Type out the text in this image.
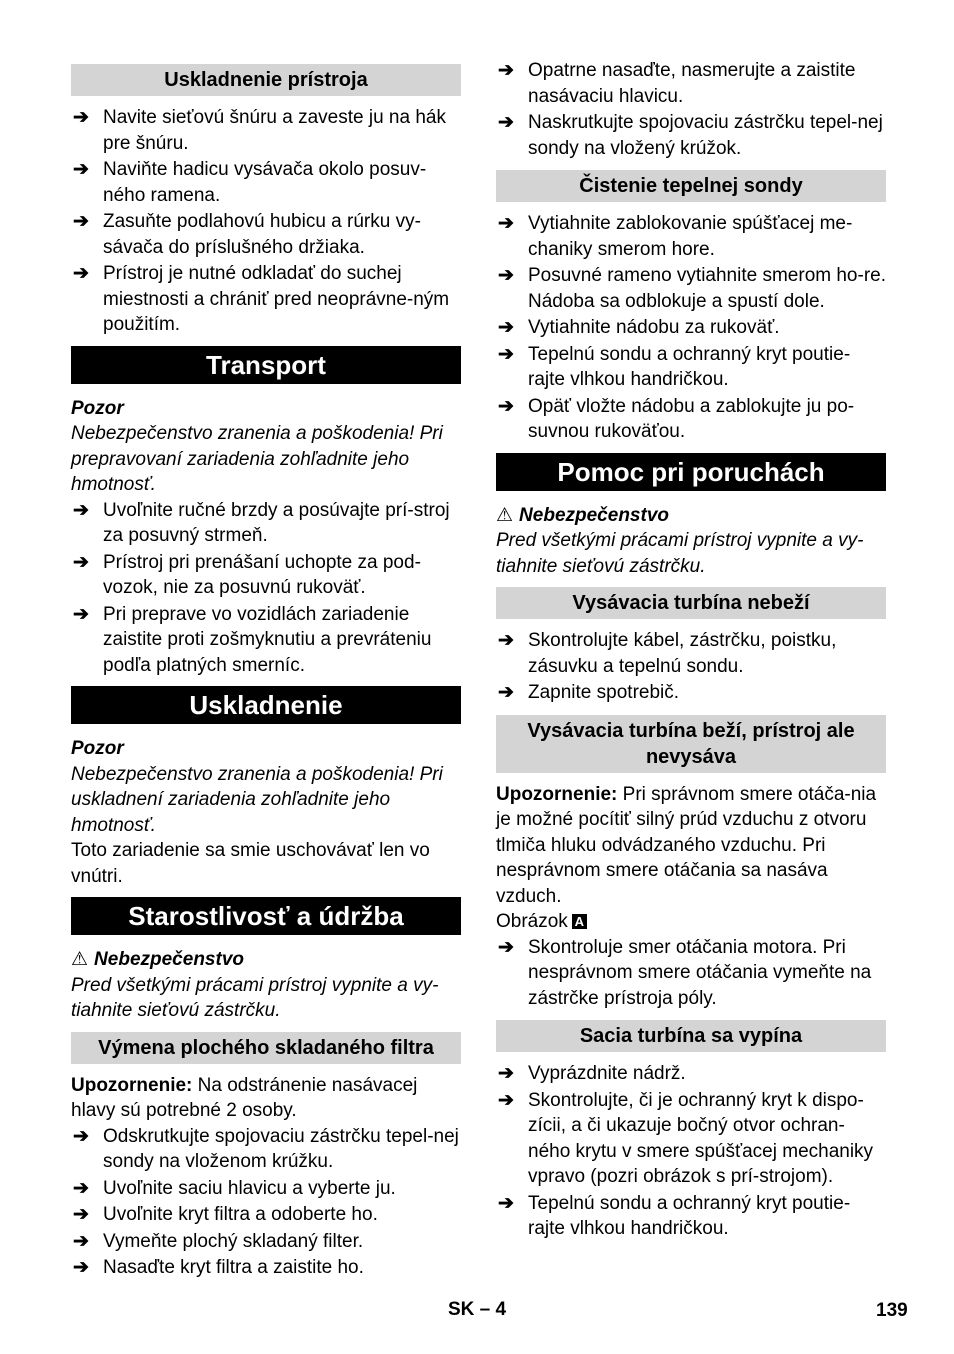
Uskladnenie prístroja
➔ Navite sieťovú šnúru a zaveste ju na hák pre šnúru.
➔ Naviňte hadicu vysávača okolo posuv-ného ramena.
➔ Zasuňte podlahovú hubicu a rúrku vy-sávača do príslušného držiaka.
➔ Prístroj je nutné odkladať do suchej miestnosti a chrániť pred neoprávne-ným použitím.
Transport
Pozor
Nebezpečenstvo zranenia a poškodenia! Pri prepravovaní zariadenia zohľadnite jeho hmotnosť.
➔ Uvoľnite ručné brzdy a posúvajte prí-stroj za posuvný strmeň.
➔ Prístroj pri prenášaní uchopte za pod-vozok, nie za posuvnú rukoväť.
➔ Pri preprave vo vozidlách zariadenie zaistite proti zošmyknutiu a prevráteniu podľa platných smerníc.
Uskladnenie
Pozor
Nebezpečenstvo zranenia a poškodenia! Pri uskladnení zariadenia zohľadnite jeho hmotnosť.
Toto zariadenie sa smie uschovávať len vo vnútri.
Starostlivosť a údržba
⚠ Nebezpečenstvo
Pred všetkými prácami prístroj vypnite a vy-tiahnite sieťovú zástrčku.
Výmena plochého skladaného filtra
Upozornenie: Na odstránenie nasávacej hlavy sú potrebné 2 osoby.
➔ Odskrutkujte spojovaciu zástrčku tepel-nej sondy na vloženom krúžku.
➔ Uvoľnite saciu hlavicu a vyberte ju.
➔ Uvoľnite kryt filtra a odoberte ho.
➔ Vymeňte plochý skladaný filter.
➔ Nasaďte kryt filtra a zaistite ho.
➔ Opatrne nasaďte, nasmerujte a zaistite nasávaciu hlavicu.
➔ Naskrutkujte spojovaciu zástrčku tepel-nej sondy na vložený krúžok.
Čistenie tepelnej sondy
➔ Vytiahnite zablokovanie spúšťacej me-chaniky smerom hore.
➔ Posuvné rameno vytiahnite smerom ho-re. Nádoba sa odblokuje a spustí dole.
➔ Vytiahnite nádobu za rukoväť.
➔ Tepelnú sondu a ochranný kryt poutie-rajte vlhkou handričkou.
➔ Opäť vložte nádobu a zablokujte ju po-suvnou rukoväťou.
Pomoc pri poruchách
⚠ Nebezpečenstvo
Pred všetkými prácami prístroj vypnite a vy-tiahnite sieťovú zástrčku.
Vysávacia turbína nebeží
➔ Skontrolujte kábel, zástrčku, poistku, zásuvku a tepelnú sondu.
➔ Zapnite spotrebič.
Vysávacia turbína beží, prístroj ale nevysáva
Upozornenie: Pri správnom smere otáča-nia je možné pocítiť silný prúd vzduchu z otvoru tlmiča hluku odvádzaného vzduchu. Pri nesprávnom smere otáčania sa nasáva vzduch.
Obrázok A
➔ Skontroluje smer otáčania motora. Pri nesprávnom smere otáčania vymeňte na zástrčke prístroja póly.
Sacia turbína sa vypína
➔ Vyprázdnite nádrž.
➔ Skontrolujte, či je ochranný kryt k dispo-zícii, a či ukazuje bočný otvor ochran-ného krytu v smere spúšťacej mechaniky vpravo (pozri obrázok s prí-strojom).
➔ Tepelnú sondu a ochranný kryt poutie-rajte vlhkou handričkou.
SK – 4	139
